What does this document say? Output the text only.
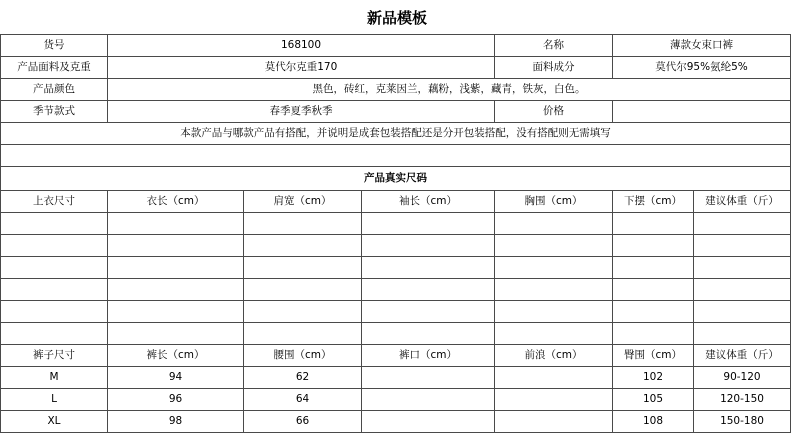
新品模板
货号	168100			名称	薄款女束口裤	
产品面料及克重	莫代尔克重170			面料成分	莫代尔95%氨纶5%	
产品颜色	黑色，砖红，克莱因兰，藕粉，浅紫，藏青，铁灰，白色。					
季节款式	春季夏季秋季			价格		
本款产品与哪款产品有搭配，并说明是成套包装搭配还是分开包装搭配，没有搭配则无需填写						

产品真实尺码						
上衣尺寸	衣长（cm）	肩宽（cm）	袖长（cm）	胸围（cm）	下摆（cm）	建议体重（斤）

裤子尺寸	裤长（cm）	腰围（cm）	裤口（cm）	前浪（cm）	臀围（cm）	建议体重（斤）
M	94	62			102	90-120
L	96	64			105	120-150
XL	98	66			108	150-180
